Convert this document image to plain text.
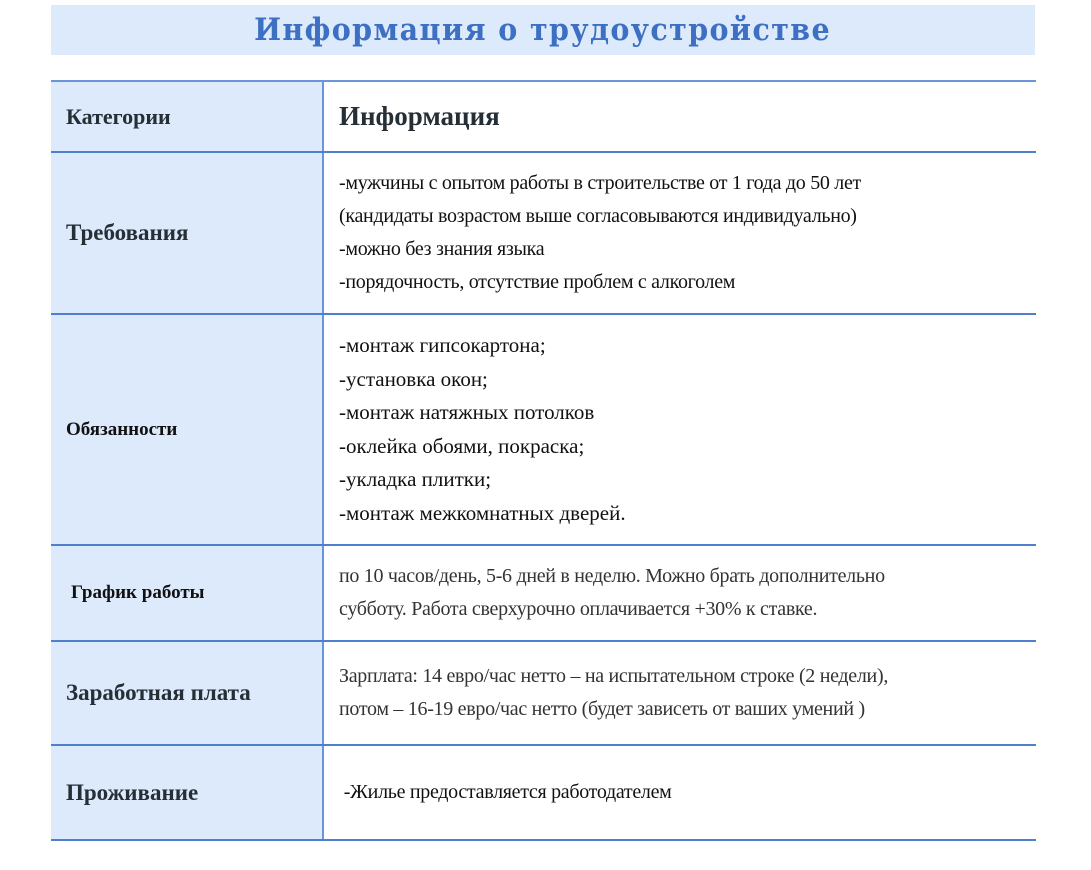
Информация о трудоустройстве
Категории	Информация
Требования
-мужчины с опытом работы в строительстве от 1 года до 50 лет
(кандидаты возрастом выше согласовываются индивидуально)
-можно без знания языка
-порядочность, отсутствие проблем с алкоголем
Обязанности
-монтаж гипсокартона;
-установка окон;
-монтаж натяжных потолков
-оклейка обоями, покраска;
-укладка плитки;
-монтаж межкомнатных дверей.
График работы
по 10 часов/день, 5-6 дней в неделю. Можно брать дополнительно
субботу. Работа сверхурочно оплачивается +30% к ставке.
Заработная плата
Зарплата: 14 евро/час нетто – на испытательном строке (2 недели),
потом – 16-19 евро/час нетто (будет зависеть от ваших умений )
Проживание	-Жилье предоставляется работодателем
